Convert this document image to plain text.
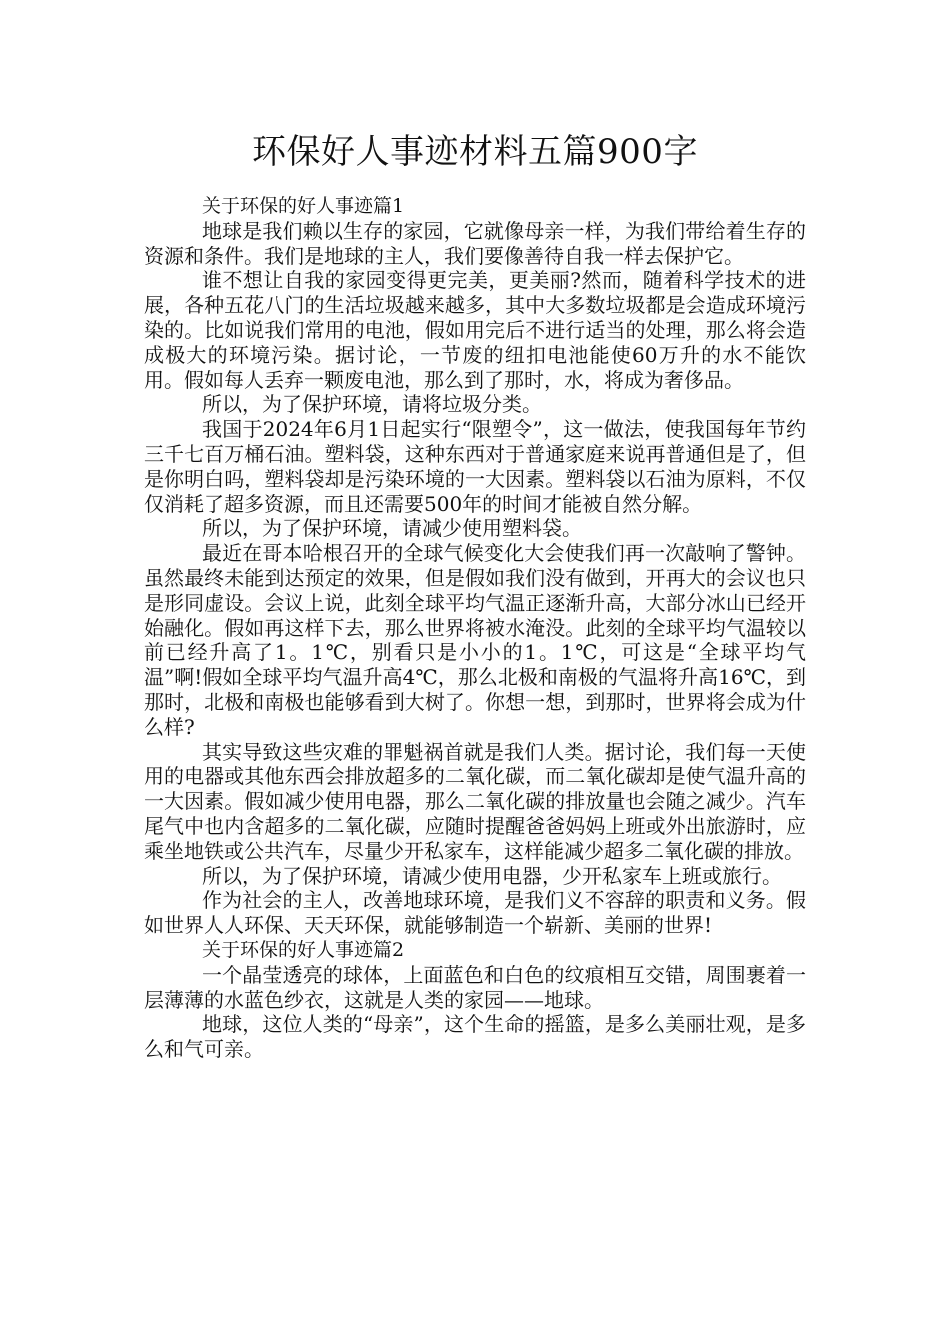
环保好人事迹材料五篇900字

关于环保的好人事迹篇1

地球是我们赖以生存的家园，它就像母亲一样，为我们带给着生存的资源和条件。我们是地球的主人，我们要像善待自我一样去保护它。

谁不想让自我的家园变得更完美，更美丽?然而，随着科学技术的进展，各种五花八门的生活垃圾越来越多，其中大多数垃圾都是会造成环境污染的。比如说我们常用的电池，假如用完后不进行适当的处理，那么将会造成极大的环境污染。据讨论，一节废的纽扣电池能使60万升的水不能饮用。假如每人丢弃一颗废电池，那么到了那时，水，将成为奢侈品。

所以，为了保护环境，请将垃圾分类。

我国于2024年6月1日起实行“限塑令”，这一做法，使我国每年节约三千七百万桶石油。塑料袋，这种东西对于普通家庭来说再普通但是了，但是你明白吗，塑料袋却是污染环境的一大因素。塑料袋以石油为原料，不仅仅消耗了超多资源，而且还需要500年的时间才能被自然分解。

所以，为了保护环境，请减少使用塑料袋。

最近在哥本哈根召开的全球气候变化大会使我们再一次敲响了警钟。虽然最终未能到达预定的效果，但是假如我们没有做到，开再大的会议也只是形同虚设。会议上说，此刻全球平均气温正逐渐升高，大部分冰山已经开始融化。假如再这样下去，那么世界将被水淹没。此刻的全球平均气温较以前已经升高了1。1℃，别看只是小小的1。1℃，可这是“全球平均气温”啊!假如全球平均气温升高4℃，那么北极和南极的气温将升高16℃，到那时，北极和南极也能够看到大树了。你想一想，到那时，世界将会成为什么样?

其实导致这些灾难的罪魁祸首就是我们人类。据讨论，我们每一天使用的电器或其他东西会排放超多的二氧化碳，而二氧化碳却是使气温升高的一大因素。假如减少使用电器，那么二氧化碳的排放量也会随之减少。汽车尾气中也内含超多的二氧化碳，应随时提醒爸爸妈妈上班或外出旅游时，应乘坐地铁或公共汽车，尽量少开私家车，这样能减少超多二氧化碳的排放。

所以，为了保护环境，请减少使用电器，少开私家车上班或旅行。

作为社会的主人，改善地球环境，是我们义不容辞的职责和义务。假如世界人人环保、天天环保，就能够制造一个崭新、美丽的世界!

关于环保的好人事迹篇2

一个晶莹透亮的球体，上面蓝色和白色的纹痕相互交错，周围裹着一层薄薄的水蓝色纱衣，这就是人类的家园——地球。

地球，这位人类的“母亲”，这个生命的摇篮，是多么美丽壮观，是多么和气可亲。
